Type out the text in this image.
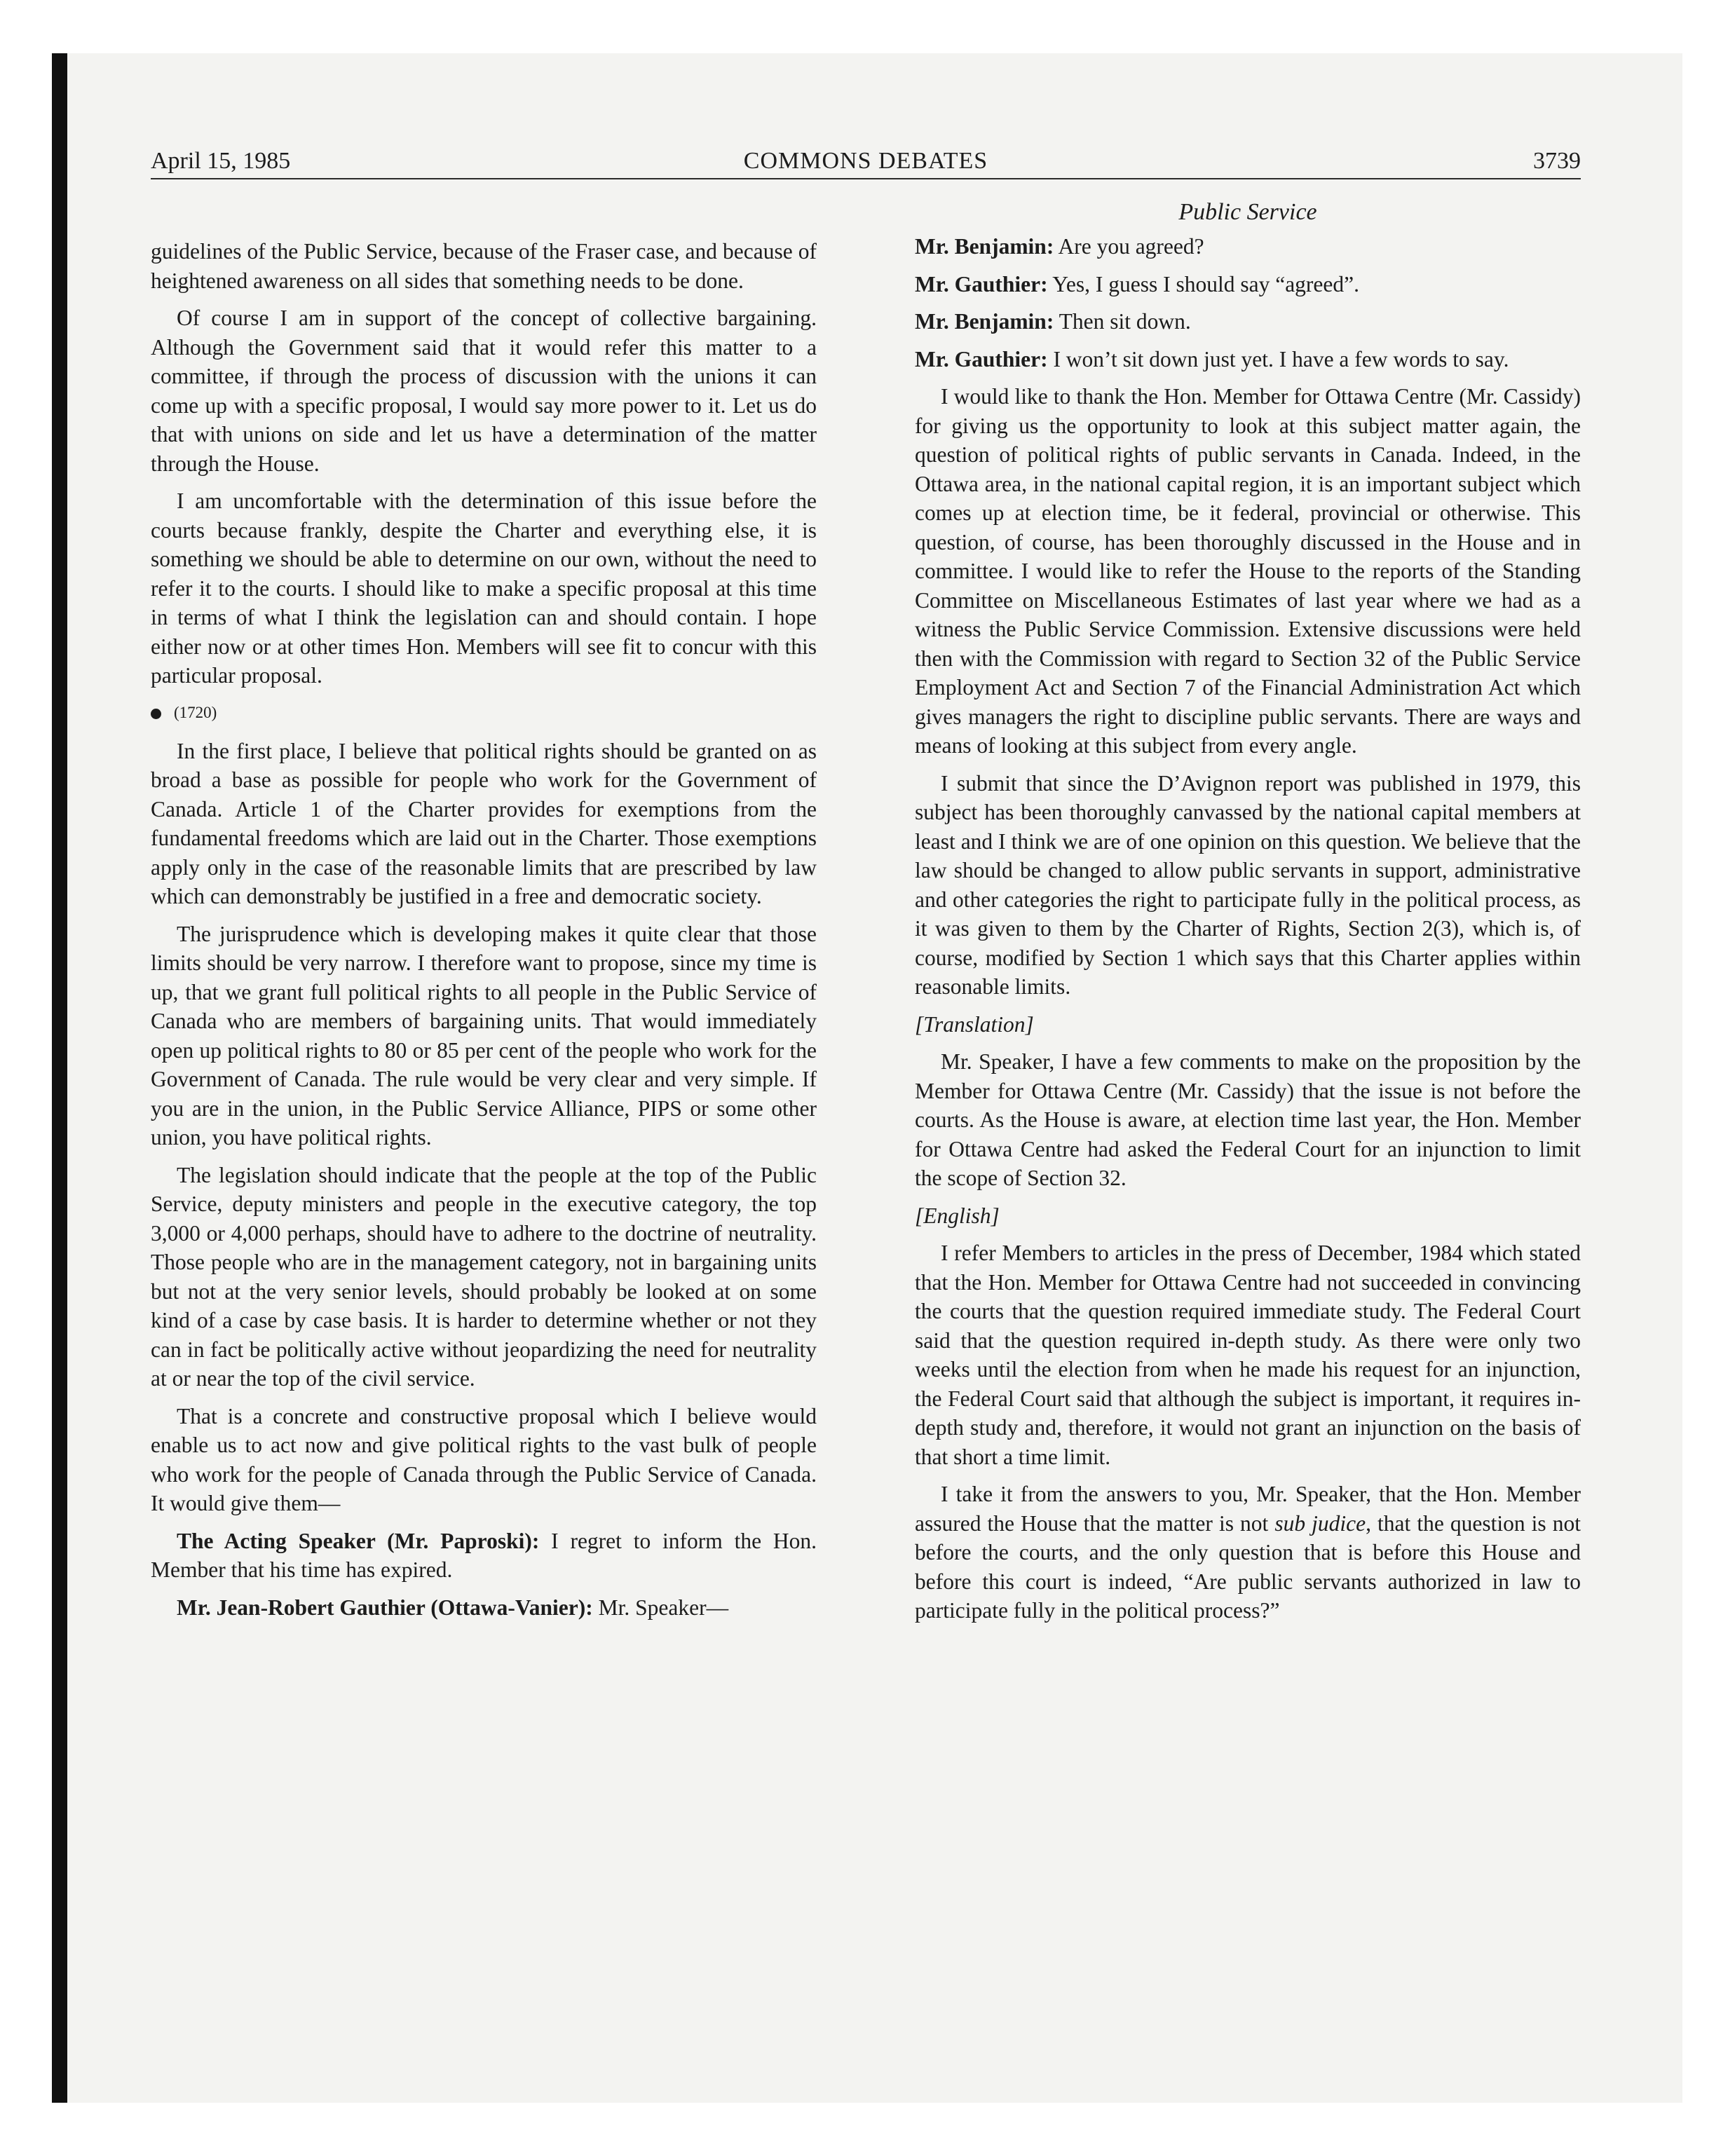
April 15, 1985	COMMONS DEBATES	3739
Public Service

guidelines of the Public Service, because of the Fraser case, and because of heightened awareness on all sides that something needs to be done.

Of course I am in support of the concept of collective bargaining. Although the Government said that it would refer this matter to a committee, if through the process of discussion with the unions it can come up with a specific proposal, I would say more power to it. Let us do that with unions on side and let us have a determination of the matter through the House.

I am uncomfortable with the determination of this issue before the courts because frankly, despite the Charter and everything else, it is something we should be able to determine on our own, without the need to refer it to the courts. I should like to make a specific proposal at this time in terms of what I think the legislation can and should contain. I hope either now or at other times Hon. Members will see fit to concur with this particular proposal.

(1720)

In the first place, I believe that political rights should be granted on as broad a base as possible for people who work for the Government of Canada. Article 1 of the Charter provides for exemptions from the fundamental freedoms which are laid out in the Charter. Those exemptions apply only in the case of the reasonable limits that are prescribed by law which can demonstrably be justified in a free and democratic society.

The jurisprudence which is developing makes it quite clear that those limits should be very narrow. I therefore want to propose, since my time is up, that we grant full political rights to all people in the Public Service of Canada who are members of bargaining units. That would immediately open up political rights to 80 or 85 per cent of the people who work for the Government of Canada. The rule would be very clear and very simple. If you are in the union, in the Public Service Alliance, PIPS or some other union, you have political rights.

The legislation should indicate that the people at the top of the Public Service, deputy ministers and people in the executive category, the top 3,000 or 4,000 perhaps, should have to adhere to the doctrine of neutrality. Those people who are in the management category, not in bargaining units but not at the very senior levels, should probably be looked at on some kind of a case by case basis. It is harder to determine whether or not they can in fact be politically active without jeopardizing the need for neutrality at or near the top of the civil service.

That is a concrete and constructive proposal which I believe would enable us to act now and give political rights to the vast bulk of people who work for the people of Canada through the Public Service of Canada. It would give them—

The Acting Speaker (Mr. Paproski): I regret to inform the Hon. Member that his time has expired.

Mr. Jean-Robert Gauthier (Ottawa-Vanier): Mr. Speaker—

Mr. Benjamin: Are you agreed?

Mr. Gauthier: Yes, I guess I should say “agreed”.

Mr. Benjamin: Then sit down.

Mr. Gauthier: I won’t sit down just yet. I have a few words to say.

I would like to thank the Hon. Member for Ottawa Centre (Mr. Cassidy) for giving us the opportunity to look at this subject matter again, the question of political rights of public servants in Canada. Indeed, in the Ottawa area, in the national capital region, it is an important subject which comes up at election time, be it federal, provincial or otherwise. This question, of course, has been thoroughly discussed in the House and in committee. I would like to refer the House to the reports of the Standing Committee on Miscellaneous Estimates of last year where we had as a witness the Public Service Commission. Extensive discussions were held then with the Commission with regard to Section 32 of the Public Service Employment Act and Section 7 of the Financial Administration Act which gives managers the right to discipline public servants. There are ways and means of looking at this subject from every angle.

I submit that since the D’Avignon report was published in 1979, this subject has been thoroughly canvassed by the national capital members at least and I think we are of one opinion on this question. We believe that the law should be changed to allow public servants in support, administrative and other categories the right to participate fully in the political process, as it was given to them by the Charter of Rights, Section 2(3), which is, of course, modified by Section 1 which says that this Charter applies within reasonable limits.

[Translation]

Mr. Speaker, I have a few comments to make on the proposition by the Member for Ottawa Centre (Mr. Cassidy) that the issue is not before the courts. As the House is aware, at election time last year, the Hon. Member for Ottawa Centre had asked the Federal Court for an injunction to limit the scope of Section 32.

[English]

I refer Members to articles in the press of December, 1984 which stated that the Hon. Member for Ottawa Centre had not succeeded in convincing the courts that the question required immediate study. The Federal Court said that the question required in-depth study. As there were only two weeks until the election from when he made his request for an injunction, the Federal Court said that although the subject is important, it requires in-depth study and, therefore, it would not grant an injunction on the basis of that short a time limit.

I take it from the answers to you, Mr. Speaker, that the Hon. Member assured the House that the matter is not sub judice, that the question is not before the courts, and the only question that is before this House and before this court is indeed, “Are public servants authorized in law to participate fully in the political process?”
